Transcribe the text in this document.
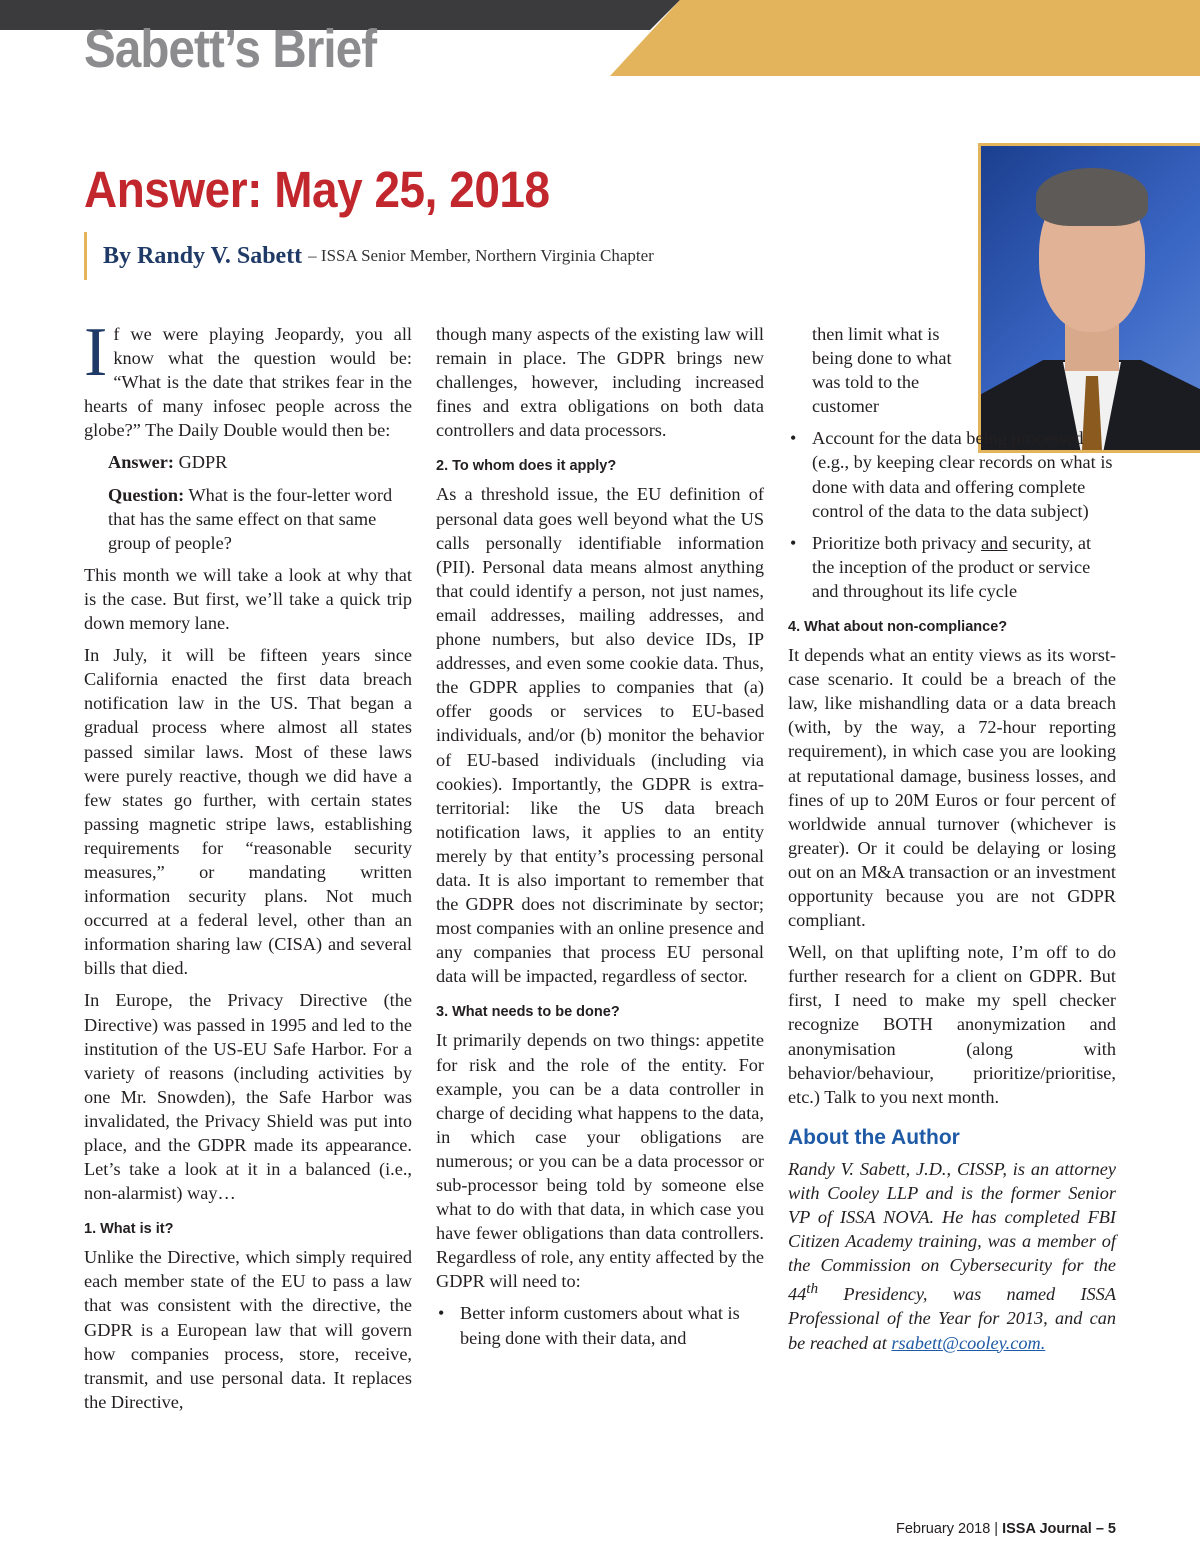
Sabett’s Brief
Answer: May 25, 2018
By Randy V. Sabett – ISSA Senior Member, Northern Virginia Chapter

If we were playing Jeopardy, you all know what the question would be: “What is the date that strikes fear in the hearts of many infosec people across the globe?” The Daily Double would then be:

Answer: GDPR

Question: What is the four-letter word that has the same effect on that same group of people?

This month we will take a look at why that is the case. But first, we’ll take a quick trip down memory lane.

In July, it will be fifteen years since California enacted the first data breach notification law in the US. That began a gradual process where almost all states passed similar laws. Most of these laws were purely reactive, though we did have a few states go further, with certain states passing magnetic stripe laws, establishing requirements for “reasonable security measures,” or mandating written information security plans. Not much occurred at a federal level, other than an information sharing law (CISA) and several bills that died.

In Europe, the Privacy Directive (the Directive) was passed in 1995 and led to the institution of the US-EU Safe Harbor. For a variety of reasons (including activities by one Mr. Snowden), the Safe Harbor was invalidated, the Privacy Shield was put into place, and the GDPR made its appearance. Let’s take a look at it in a balanced (i.e., non-alarmist) way…

1. What is it?

Unlike the Directive, which simply required each member state of the EU to pass a law that was consistent with the directive, the GDPR is a European law that will govern how companies process, store, receive, transmit, and use personal data. It replaces the Directive,

though many aspects of the existing law will remain in place. The GDPR brings new challenges, however, including increased fines and extra obligations on both data controllers and data processors.

2. To whom does it apply?

As a threshold issue, the EU definition of personal data goes well beyond what the US calls personally identifiable information (PII). Personal data means almost anything that could identify a person, not just names, email addresses, mailing addresses, and phone numbers, but also device IDs, IP addresses, and even some cookie data. Thus, the GDPR applies to companies that (a) offer goods or services to EU-based individuals, and/or (b) monitor the behavior of EU-based individuals (including via cookies). Importantly, the GDPR is extra-territorial: like the US data breach notification laws, it applies to an entity merely by that entity’s processing personal data. It is also important to remember that the GDPR does not discriminate by sector; most companies with an online presence and any companies that process EU personal data will be impacted, regardless of sector.

3. What needs to be done?

It primarily depends on two things: appetite for risk and the role of the entity. For example, you can be a data controller in charge of deciding what happens to the data, in which case your obligations are numerous; or you can be a data processor or sub-processor being told by someone else what to do with that data, in which case you have fewer obligations than data controllers. Regardless of role, any entity affected by the GDPR will need to:

• Better inform customers about what is being done with their data, and
then limit what is being done to what was told to the customer
• Account for the data being processed (e.g., by keeping clear records on what is done with data and offering complete control of the data to the data subject)
• Prioritize both privacy and security, at the inception of the product or service and throughout its life cycle
4. What about non-compliance?

It depends what an entity views as its worst-case scenario. It could be a breach of the law, like mishandling data or a data breach (with, by the way, a 72-hour reporting requirement), in which case you are looking at reputational damage, business losses, and fines of up to 20M Euros or four percent of worldwide annual turnover (whichever is greater). Or it could be delaying or losing out on an M&A transaction or an investment opportunity because you are not GDPR compliant.

Well, on that uplifting note, I’m off to do further research for a client on GDPR. But first, I need to make my spell checker recognize BOTH anonymization and anonymisation (along with behavior/behaviour, prioritize/prioritise, etc.) Talk to you next month.

About the Author

Randy V. Sabett, J.D., CISSP, is an attorney with Cooley LLP and is the former Senior VP of ISSA NOVA. He has completed FBI Citizen Academy training, was a member of the Commission on Cybersecurity for the 44th Presidency, was named ISSA Professional of the Year for 2013, and can be reached at rsabett@cooley.com.

February 2018 | ISSA Journal – 5
